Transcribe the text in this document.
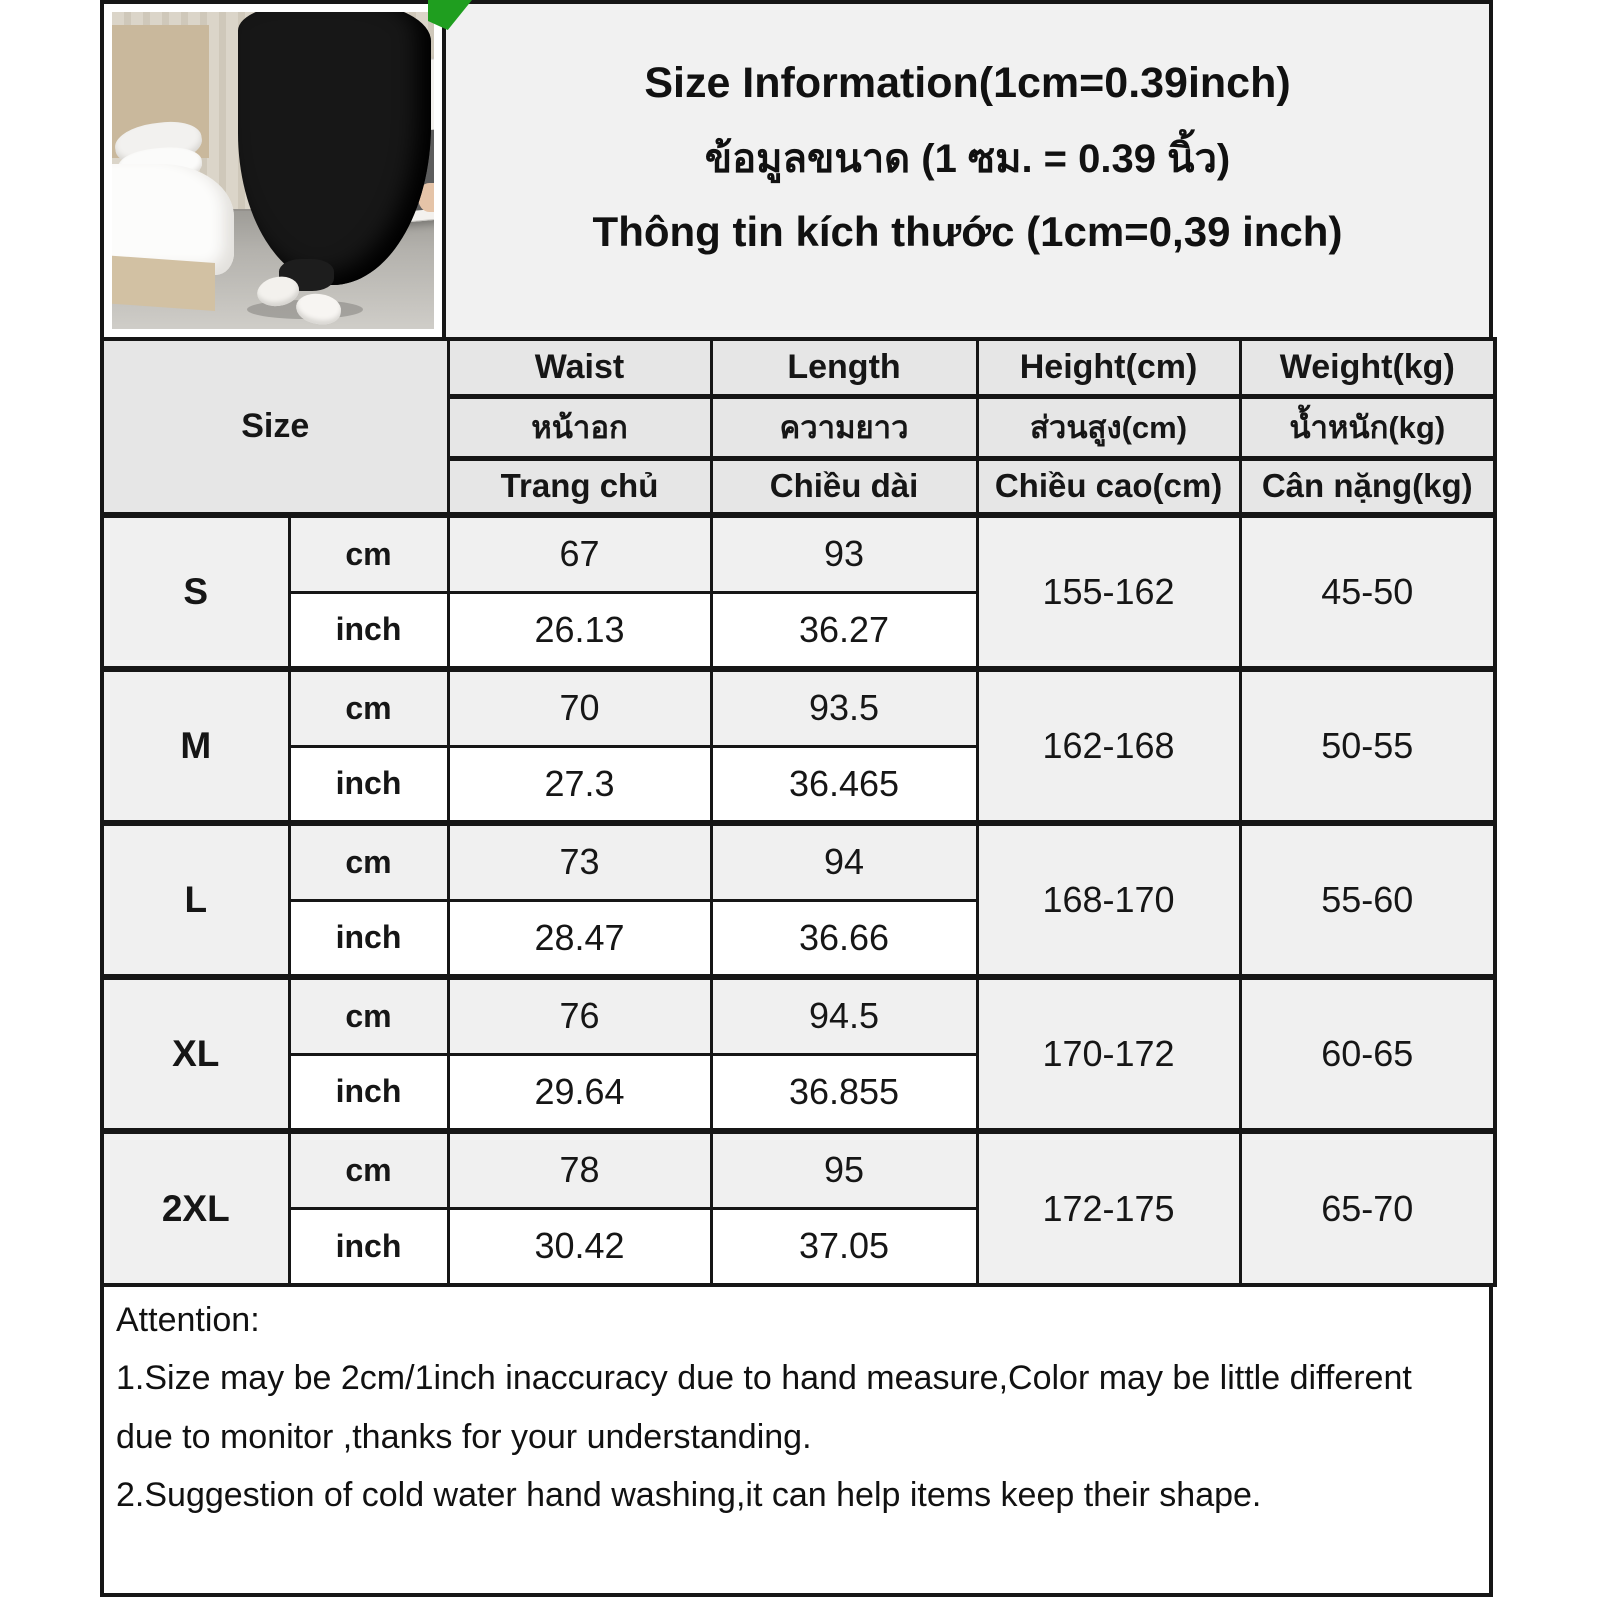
Size Information(1cm=0.39inch)
ข้อมูลขนาด (1 ซม. = 0.39 นิ้ว)
Thông tin kích thước (1cm=0,39 inch)
Size		Waist	Length	Height(cm)	Weight(kg)
		หน้าอก	ความยาว	ส่วนสูง(cm)	น้ำหนัก(kg)
		Trang chủ	Chiều dài	Chiều cao(cm)	Cân nặng(kg)
S	cm	67	93	155-162	45-50
	inch	26.13	36.27		
M	cm	70	93.5	162-168	50-55
	inch	27.3	36.465		
L	cm	73	94	168-170	55-60
	inch	28.47	36.66		
XL	cm	76	94.5	170-172	60-65
	inch	29.64	36.855		
2XL	cm	78	95	172-175	65-70
	inch	30.42	37.05		
Attention:
1.Size may be 2cm/1inch inaccuracy due to hand measure,Color may be little different due to monitor ,thanks for your understanding.
2.Suggestion of cold water hand washing,it can help items keep their shape.
